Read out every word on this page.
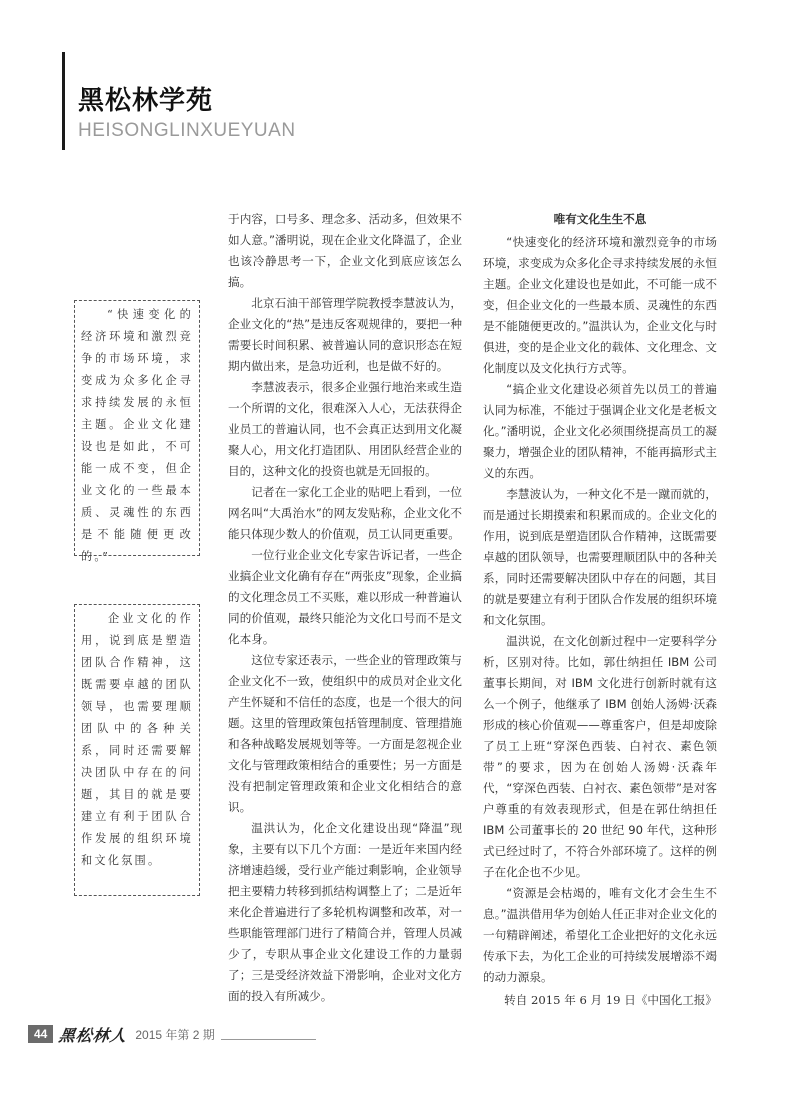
黑松林学苑
HEISONGLINXUEYUAN
“快速变化的经济环境和激烈竞争的市场环境，求变成为众多化企寻求持续发展的永恒主题。企业文化建设也是如此，不可能一成不变，但企业文化的一些最本质、灵魂性的东西是不能随便更改的。”
企业文化的作用，说到底是塑造团队合作精神，这既需要卓越的团队领导，也需要理顺团队中的各种关系，同时还需要解决团队中存在的问题，其目的就是要建立有利于团队合作发展的组织环境和文化氛围。

于内容，口号多、理念多、活动多，但效果不如人意。”潘明说，现在企业文化降温了，企业也该冷静思考一下，企业文化到底应该怎么搞。

北京石油干部管理学院教授李慧波认为，企业文化的“热”是违反客观规律的，要把一种需要长时间积累、被普遍认同的意识形态在短期内做出来，是急功近利，也是做不好的。

李慧波表示，很多企业强行地治来或生造一个所谓的文化，很难深入人心，无法获得企业员工的普遍认同，也不会真正达到用文化凝聚人心，用文化打造团队、用团队经营企业的目的，这种文化的投资也就是无回报的。

记者在一家化工企业的贴吧上看到，一位网名叫“大禹治水”的网友发贴称，企业文化不能只体现少数人的价值观，员工认同更重要。

一位行业企业文化专家告诉记者，一些企业搞企业文化确有存在“两张皮”现象，企业搞的文化理念员工不买账，难以形成一种普遍认同的价值观，最终只能沦为文化口号而不是文化本身。

这位专家还表示，一些企业的管理政策与企业文化不一致，使组织中的成员对企业文化产生怀疑和不信任的态度，也是一个很大的问题。这里的管理政策包括管理制度、管理措施和各种战略发展规划等等。一方面是忽视企业文化与管理政策相结合的重要性；另一方面是没有把制定管理政策和企业文化相结合的意识。

温洪认为，化企文化建设出现“降温”现象，主要有以下几个方面：一是近年来国内经济增速趋缓，受行业产能过剩影响，企业领导把主要精力转移到抓结构调整上了；二是近年来化企普遍进行了多轮机构调整和改革，对一些职能管理部门进行了精简合并，管理人员减少了，专职从事企业文化建设工作的力量弱了；三是受经济效益下滑影响，企业对文化方面的投入有所减少。

唯有文化生生不息

“快速变化的经济环境和激烈竞争的市场环境，求变成为众多化企寻求持续发展的永恒主题。企业文化建设也是如此，不可能一成不变，但企业文化的一些最本质、灵魂性的东西是不能随便更改的。”温洪认为，企业文化与时俱进，变的是企业文化的载体、文化理念、文化制度以及文化执行方式等。

“搞企业文化建设必须首先以员工的普遍认同为标准，不能过于强调企业文化是老板文化。”潘明说，企业文化必须围绕提高员工的凝聚力，增强企业的团队精神，不能再搞形式主义的东西。

李慧波认为，一种文化不是一蹴而就的，而是通过长期摸索和积累而成的。企业文化的作用，说到底是塑造团队合作精神，这既需要卓越的团队领导，也需要理顺团队中的各种关系，同时还需要解决团队中存在的问题，其目的就是要建立有利于团队合作发展的组织环境和文化氛围。

温洪说，在文化创新过程中一定要科学分析，区别对待。比如，郭仕纳担任 IBM 公司董事长期间，对 IBM 文化进行创新时就有这么一个例子，他继承了 IBM 创始人汤姆·沃森形成的核心价值观——尊重客户，但是却废除了员工上班“穿深色西装、白衬衣、素色领带”的要求，因为在创始人汤姆·沃森年代，“穿深色西装、白衬衣、素色领带”是对客户尊重的有效表现形式，但是在郭仕纳担任 IBM 公司董事长的 20 世纪 90 年代，这种形式已经过时了，不符合外部环境了。这样的例子在化企也不少见。

“资源是会枯竭的，唯有文化才会生生不息。”温洪借用华为创始人任正非对企业文化的一句精辟阐述，希望化工企业把好的文化永远传承下去，为化工企业的可持续发展增添不竭的动力源泉。

转自 2015 年 6 月 19 日《中国化工报》

44 黑松林人 2015 年第 2 期
